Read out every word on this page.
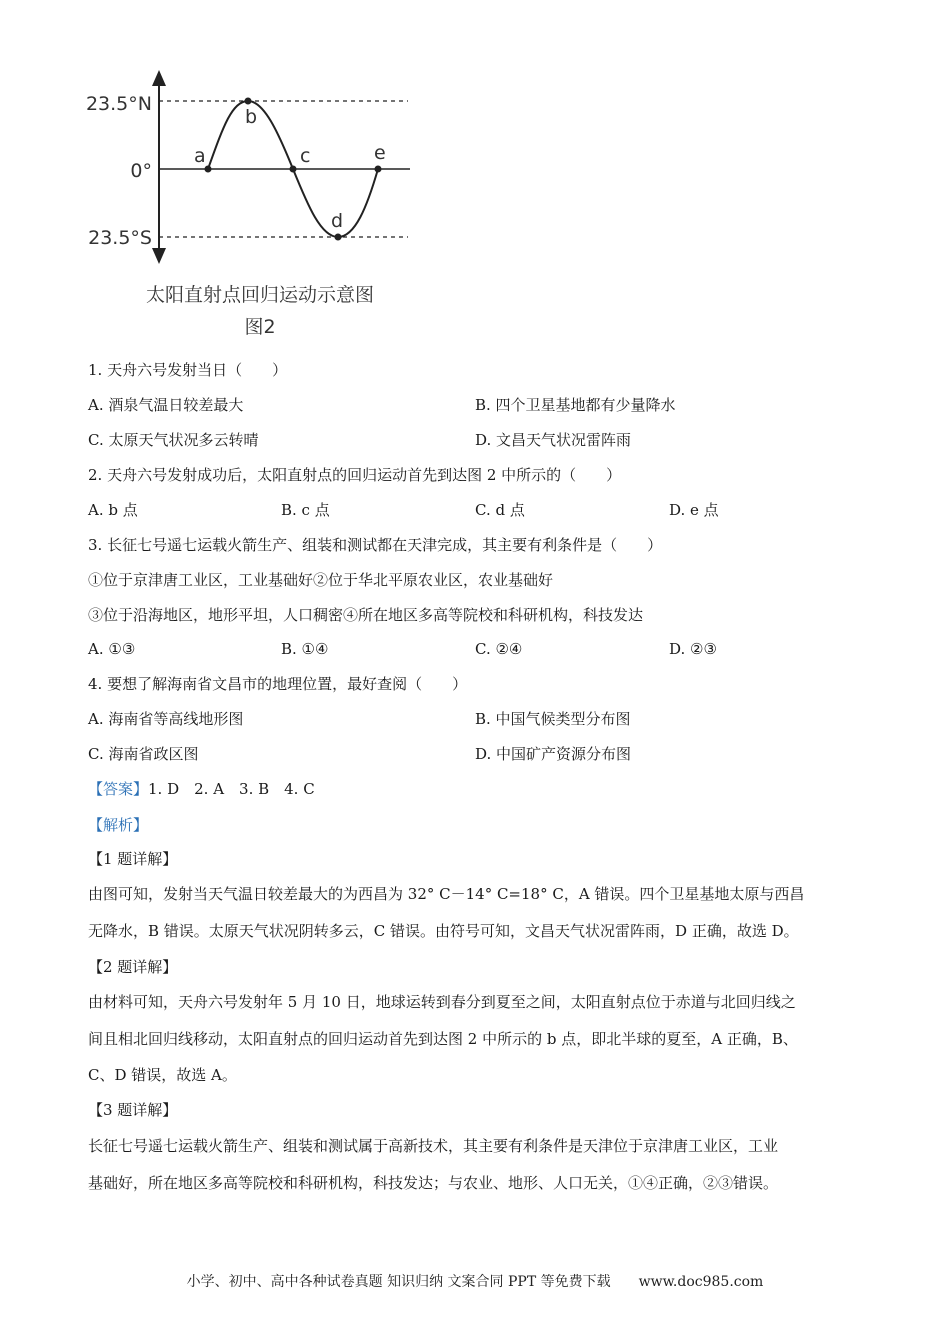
23.5°N
0°
23.5°S
a
b
c
d
e
太阳直射点回归运动示意图
图2
1. 天舟六号发射当日（　　）
A. 酒泉气温日较差最大	B. 四个卫星基地都有少量降水
C. 太原天气状况多云转晴	D. 文昌天气状况雷阵雨
2. 天舟六号发射成功后，太阳直射点的回归运动首先到达图 2 中所示的（　　）
A. b 点	B. c 点	C. d 点	D. e 点
3. 长征七号遥七运载火箭生产、组装和测试都在天津完成，其主要有利条件是（　　）
①位于京津唐工业区，工业基础好②位于华北平原农业区，农业基础好
③位于沿海地区，地形平坦，人口稠密④所在地区多高等院校和科研机构，科技发达
A. ①③	B. ①④	C. ②④	D. ②③
4. 要想了解海南省文昌市的地理位置，最好查阅（　　）
A. 海南省等高线地形图	B. 中国气候类型分布图
C. 海南省政区图	D. 中国矿产资源分布图
【答案】1. D　2. A　3. B　4. C
【解析】
【1 题详解】
由图可知，发射当天气温日较差最大的为西昌为 32° C－14° C=18° C，A 错误。四个卫星基地太原与西昌
无降水，B 错误。太原天气状况阴转多云，C 错误。由符号可知，文昌天气状况雷阵雨，D 正确，故选 D。
【2 题详解】
由材料可知，天舟六号发射年 5 月 10 日，地球运转到春分到夏至之间，太阳直射点位于赤道与北回归线之
间且相北回归线移动，太阳直射点的回归运动首先到达图 2 中所示的 b 点，即北半球的夏至，A 正确，B、
C、D 错误，故选 A。
【3 题详解】
长征七号遥七运载火箭生产、组装和测试属于高新技术，其主要有利条件是天津位于京津唐工业区，工业
基础好，所在地区多高等院校和科研机构，科技发达；与农业、地形、人口无关，①④正确，②③错误。
小学、初中、高中各种试卷真题 知识归纳 文案合同 PPT 等免费下载　　www.doc985.com
